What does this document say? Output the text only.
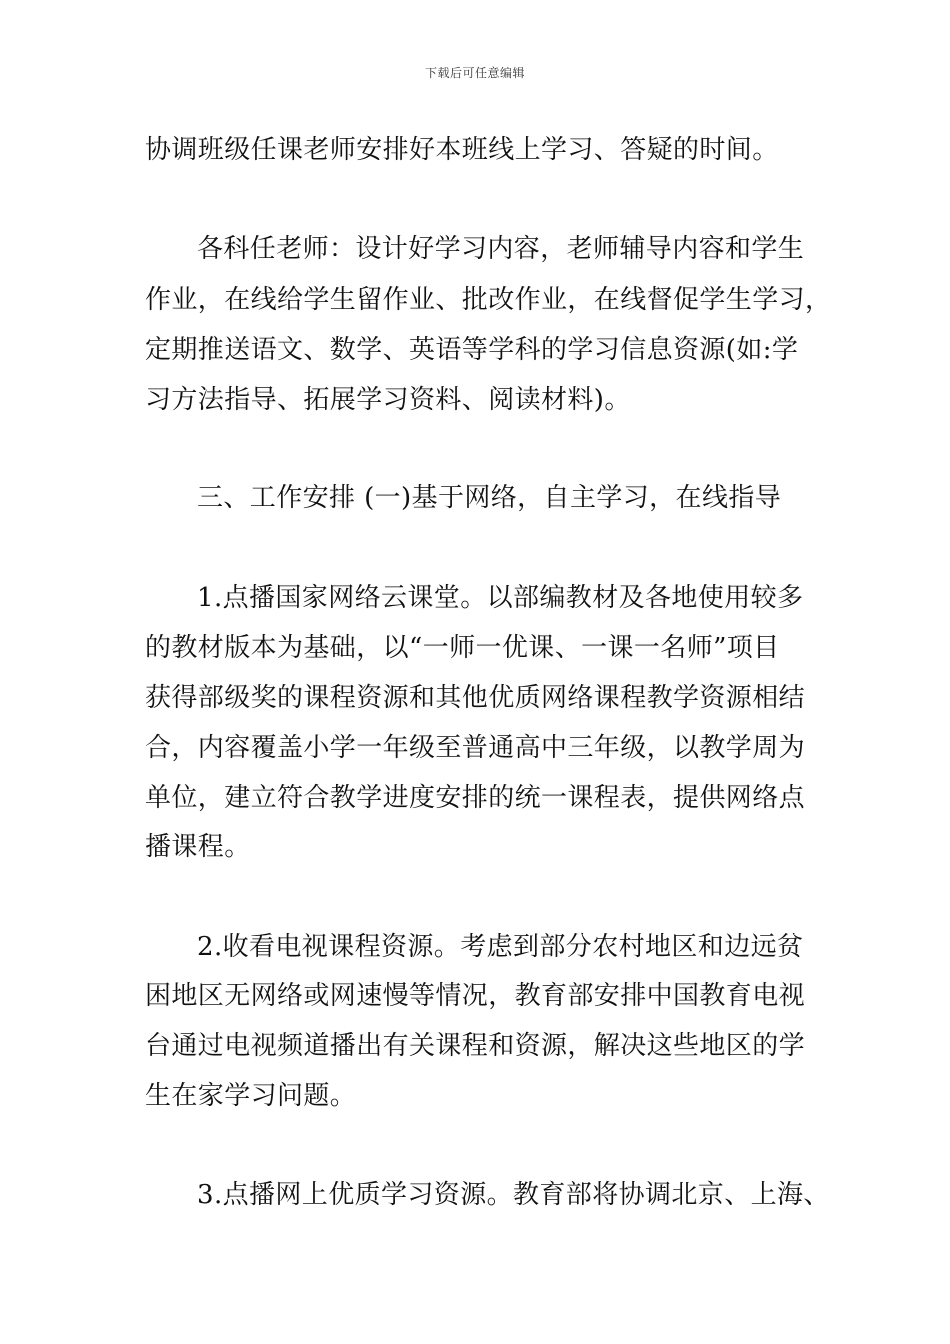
下载后可任意编辑
协调班级任课老师安排好本班线上学习、答疑的时间。
各科任老师：设计好学习内容，老师辅导内容和学生
作业，在线给学生留作业、批改作业，在线督促学生学习，
定期推送语文、数学、英语等学科的学习信息资源(如:学
习方法指导、拓展学习资料、阅读材料)。
三、工作安排 (一)基于网络，自主学习，在线指导
1.点播国家网络云课堂。以部编教材及各地使用较多
的教材版本为基础，以“一师一优课、一课一名师”项目
获得部级奖的课程资源和其他优质网络课程教学资源相结
合，内容覆盖小学一年级至普通高中三年级，以教学周为
单位，建立符合教学进度安排的统一课程表，提供网络点
播课程。
2.收看电视课程资源。考虑到部分农村地区和边远贫
困地区无网络或网速慢等情况，教育部安排中国教育电视
台通过电视频道播出有关课程和资源，解决这些地区的学
生在家学习问题。
3.点播网上优质学习资源。教育部将协调北京、上海、
